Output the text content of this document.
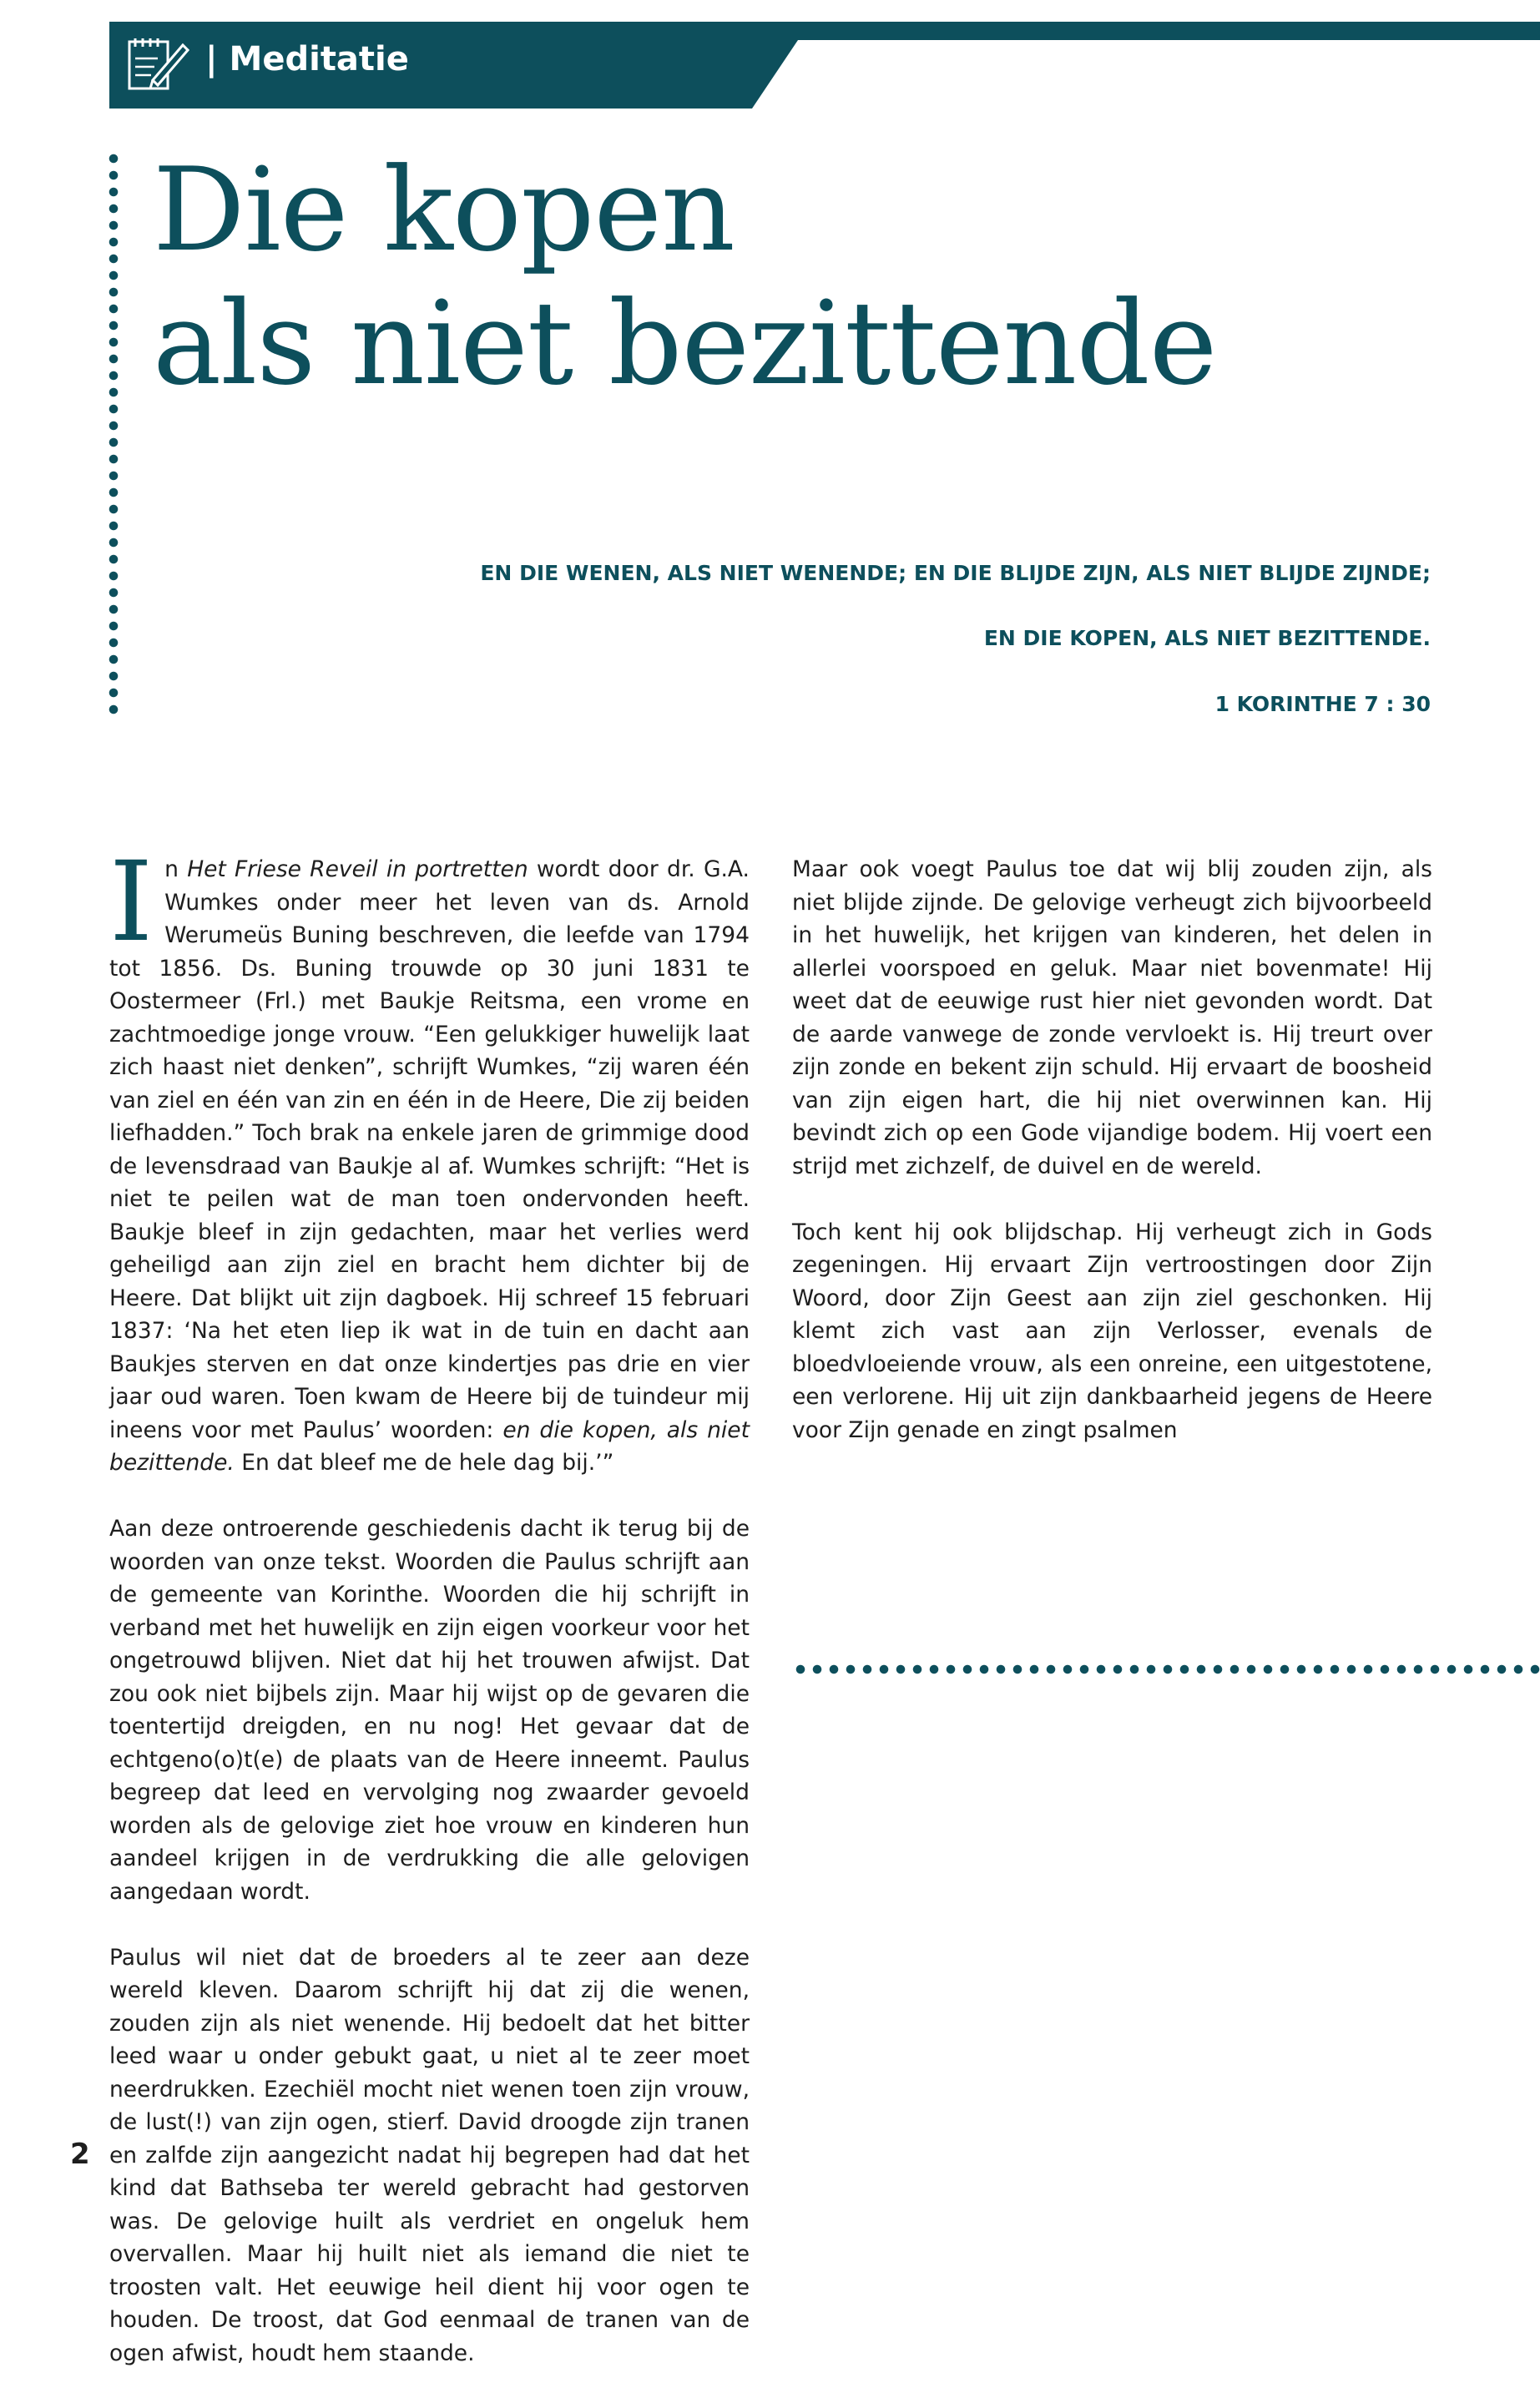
| Meditatie
Die kopen
als niet bezittende
EN DIE WENEN, ALS NIET WENENDE; EN DIE BLIJDE ZIJN, ALS NIET BLIJDE ZIJNDE;
EN DIE KOPEN, ALS NIET BEZITTENDE.
1 KORINTHE 7 : 30

In Het Friese Reveil in portretten wordt door dr. G.A. Wumkes onder meer het leven van ds. Arnold Werumeüs Buning beschreven, die leefde van 1794 tot 1856. Ds. Buning trouwde op 30 juni 1831 te Oostermeer (Frl.) met Baukje Reitsma, een vrome en zachtmoedige jonge vrouw. “Een gelukkiger huwelijk laat zich haast niet denken”, schrijft Wumkes, “zij waren één van ziel en één van zin en één in de Heere, Die zij beiden liefhadden.” Toch brak na enkele jaren de grimmige dood de levensdraad van Baukje al af. Wumkes schrijft: “Het is niet te peilen wat de man toen ondervonden heeft. Baukje bleef in zijn gedachten, maar het verlies werd geheiligd aan zijn ziel en bracht hem dichter bij de Heere. Dat blijkt uit zijn dagboek. Hij schreef 15 februari 1837: ‘Na het eten liep ik wat in de tuin en dacht aan Baukjes sterven en dat onze kindertjes pas drie en vier jaar oud waren. Toen kwam de Heere bij de tuindeur mij ineens voor met Paulus’ woorden: en die kopen, als niet bezittende. En dat bleef me de hele dag bij.’”

Aan deze ontroerende geschiedenis dacht ik terug bij de woorden van onze tekst. Woorden die Paulus schrijft aan de gemeente van Korinthe. Woorden die hij schrijft in verband met het huwelijk en zijn eigen voorkeur voor het ongetrouwd blijven. Niet dat hij het trouwen afwijst. Dat zou ook niet bijbels zijn. Maar hij wijst op de gevaren die toentertijd dreigden, en nu nog! Het gevaar dat de echtgeno(o)t(e) de plaats van de Heere inneemt. Paulus begreep dat leed en vervolging nog zwaarder gevoeld worden als de gelovige ziet hoe vrouw en kinderen hun aandeel krijgen in de verdrukking die alle gelovigen aangedaan wordt.

Paulus wil niet dat de broeders al te zeer aan deze wereld kleven. Daarom schrijft hij dat zij die wenen, zouden zijn als niet wenende. Hij bedoelt dat het bitter leed waar u onder gebukt gaat, u niet al te zeer moet neerdrukken. Ezechiël mocht niet wenen toen zijn vrouw, de lust(!) van zijn ogen, stierf. David droogde zijn tranen en zalfde zijn aangezicht nadat hij begrepen had dat het kind dat Bathseba ter wereld gebracht had gestorven was. De gelovige huilt als verdriet en ongeluk hem overvallen. Maar hij huilt niet als iemand die niet te troosten valt. Het eeuwige heil dient hij voor ogen te houden. De troost, dat God eenmaal de tranen van de ogen afwist, houdt hem staande.

Maar ook voegt Paulus toe dat wij blij zouden zijn, als niet blijde zijnde. De gelovige verheugt zich bijvoorbeeld in het huwelijk, het krijgen van kinderen, het delen in allerlei voorspoed en geluk. Maar niet bovenmate! Hij weet dat de eeuwige rust hier niet gevonden wordt. Dat de aarde vanwege de zonde vervloekt is. Hij treurt over zijn zonde en bekent zijn schuld. Hij ervaart de boosheid van zijn eigen hart, die hij niet overwinnen kan. Hij bevindt zich op een Gode vijandige bodem. Hij voert een strijd met zichzelf, de duivel en de wereld.

Toch kent hij ook blijdschap. Hij verheugt zich in Gods zegeningen. Hij ervaart Zijn vertroostingen door Zijn Woord, door Zijn Geest aan zijn ziel geschonken. Hij klemt zich vast aan zijn Verlosser, evenals de bloedvloeiende vrouw, als een onreine, een uitgestotene, een verlorene. Hij uit zijn dankbaarheid jegens de Heere voor Zijn genade en zingt psalmen

2
